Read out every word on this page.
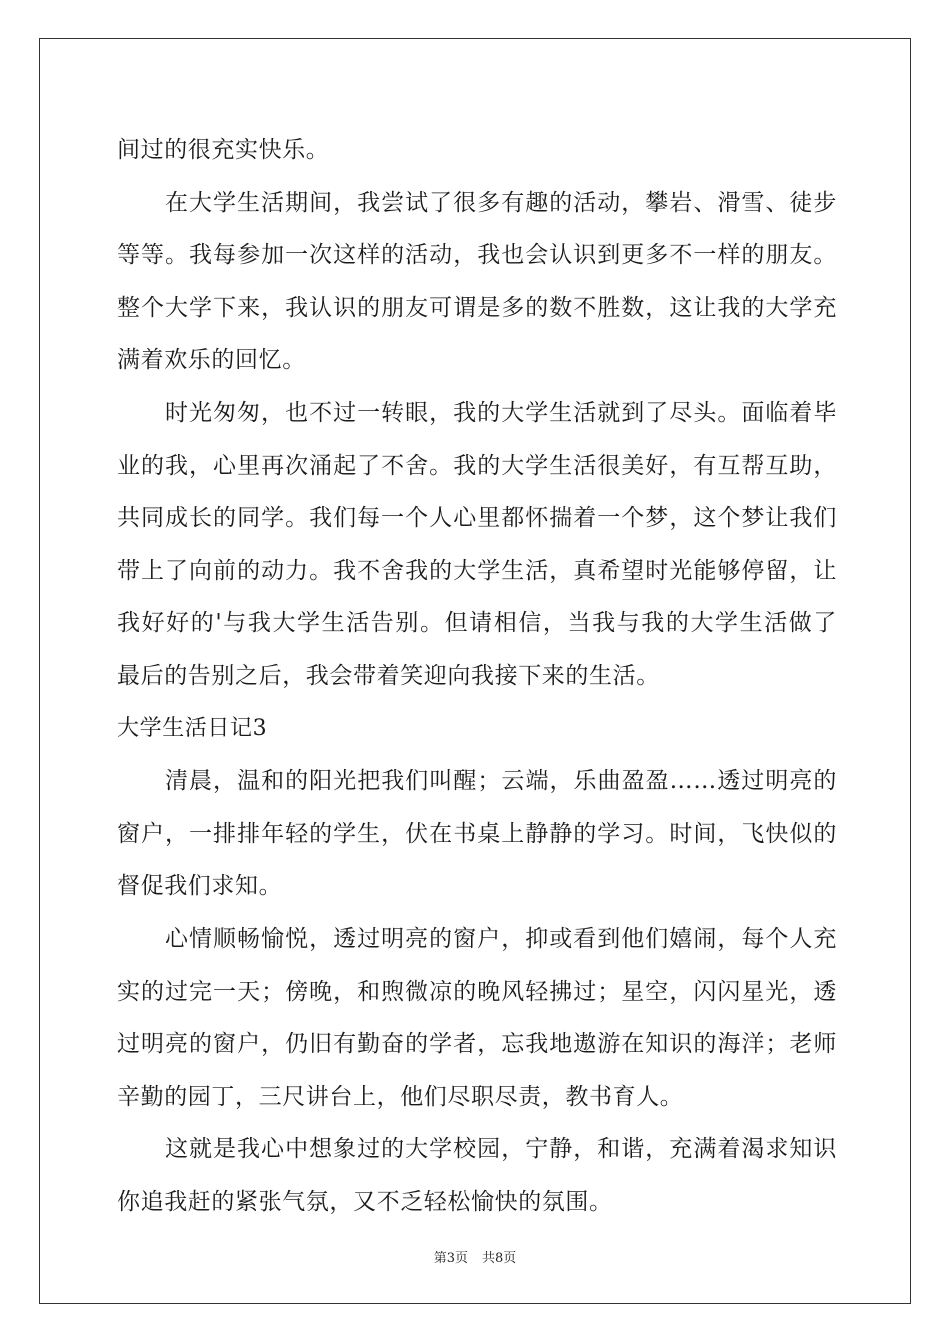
间过的很充实快乐。
在大学生活期间，我尝试了很多有趣的活动，攀岩、滑雪、徒步
等等。我每参加一次这样的活动，我也会认识到更多不一样的朋友。
整个大学下来，我认识的朋友可谓是多的数不胜数，这让我的大学充
满着欢乐的回忆。
时光匆匆，也不过一转眼，我的大学生活就到了尽头。面临着毕
业的我，心里再次涌起了不舍。我的大学生活很美好，有互帮互助，
共同成长的同学。我们每一个人心里都怀揣着一个梦，这个梦让我们
带上了向前的动力。我不舍我的大学生活，真希望时光能够停留，让
我好好的'与我大学生活告别。但请相信，当我与我的大学生活做了
最后的告别之后，我会带着笑迎向我接下来的生活。
大学生活日记3
清晨，温和的阳光把我们叫醒；云端，乐曲盈盈……透过明亮的
窗户，一排排年轻的学生，伏在书桌上静静的学习。时间，飞快似的
督促我们求知。
心情顺畅愉悦，透过明亮的窗户，抑或看到他们嬉闹，每个人充
实的过完一天；傍晚，和煦微凉的晚风轻拂过；星空，闪闪星光，透
过明亮的窗户，仍旧有勤奋的学者，忘我地遨游在知识的海洋；老师
辛勤的园丁，三尺讲台上，他们尽职尽责，教书育人。
这就是我心中想象过的大学校园，宁静，和谐，充满着渴求知识
你追我赶的紧张气氛，又不乏轻松愉快的氛围。
第3页 共8页
